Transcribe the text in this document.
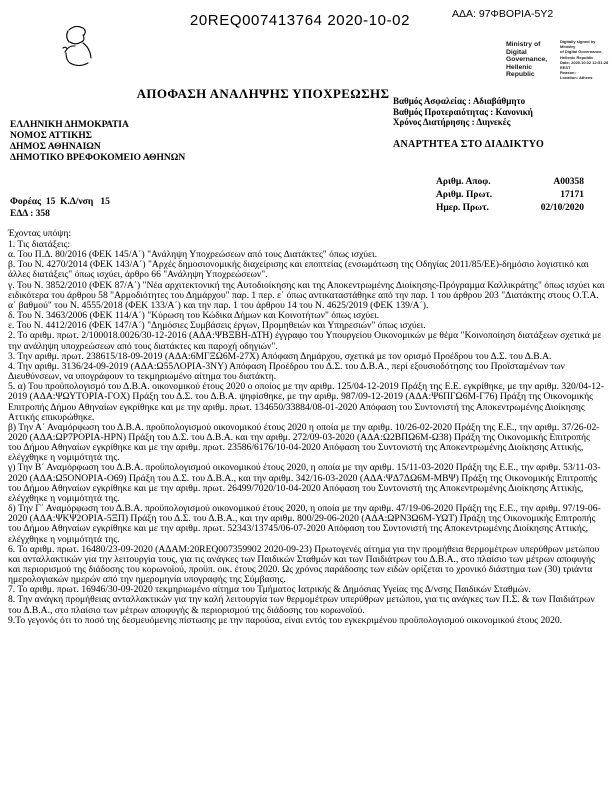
20REQ007413764 2020-10-02	ΑΔΑ: 97ΦΒΟΡΙΑ-5Υ2
Ministry of Digital
Governance,
Hellenic Republic
Digitally signed by Ministry
of Digital Governance,
Hellenic Republic
Date: 2020.10.02 12:51:28
EEST
Reason:
Location: Athens
ΑΠΟΦΑΣΗ ΑΝΑΛΗΨΗΣ ΥΠΟΧΡΕΩΣΗΣ Βαθμός Ασφαλείας : Αδιαβάθμητο
Βαθμός Προτεραιότητας : Κανονική
Χρόνος Διατήρησης : Διηνεκές
ΑΝΑΡΤΗΤΕΑ ΣΤΟ ΔΙΑΔΙΚΤΥΟ
ΕΛΛΗΝΙΚΗ ΔΗΜΟΚΡΑΤΙΑ
ΝΟΜΟΣ ΑΤΤΙΚΗΣ
ΔΗΜΟΣ ΑΘΗΝΑΙΩΝ
ΔΗΜΟΤΙΚΟ ΒΡΕΦΟΚΟΜΕΙΟ ΑΘΗΝΩΝ
Αριθμ. Αποφ.	A00358
Αριθμ. Πρωτ.	17171
Ημερ. Πρωτ.	02/10/2020
Φορέας  15  Κ.Δ/νση   15
ΕΔΔ : 358
Έχοντας υπόψη:

1. Τις διατάξεις:

α. Του Π.Δ. 80/2016 (ΦΕΚ 145/Α΄) "Ανάληψη Υποχρεώσεων από τους Διατάκτες" όπως ισχύει.

β. Του Ν. 4270/2014 (ΦΕΚ 143/Α΄) "Αρχές δημοσιονομικής διαχείρισης και εποπτείας (ενσωμάτωση της Οδηγίας 2011/85/ΕΕ)-δημόσιο λογιστικό και άλλες διατάξεις" όπως ισχύει, άρθρο 66 "Ανάληψη Υποχρεώσεων".

γ. Του Ν. 3852/2010 (ΦΕΚ 87/Α΄) "Νέα αρχιτεκτονική της Αυτοδιοίκησης και της Αποκεντρωμένης Διοίκησης-Πρόγραμμα Καλλικράτης" όπως ισχύει και ειδικότερα του άρθρου 58 "Αρμοδιότητες του Δημάρχου" παρ. 1 περ. ε΄ όπως αντικαταστάθηκε από την παρ. 1 του άρθρου 203 "Διατάκτης στους Ο.Τ.Α. α΄ βαθμού" του Ν. 4555/2018 (ΦΕΚ 133/Α΄) και την παρ. 1 του άρθρου 14 του Ν. 4625/2019 (ΦΕΚ 139/Α΄).

δ. Του Ν. 3463/2006 (ΦΕΚ 114/Α΄) "Κύρωση του Κώδικα Δήμων και Κοινοτήτων" όπως ισχύει.

ε. Του Ν. 4412/2016 (ΦΕΚ 147/Α΄) "Δημόσιες Συμβάσεις έργων, Προμηθειών και Υπηρεσιών" όπως ισχύει.

2. Το αριθμ. πρωτ. 2/100018.0026/30-12-2016 (ΑΔΑ:ΨΒΞΒΗ-ΔΤΗ) έγγραφο του Υπουργείου Οικονομικών με θέμα "Κοινοποίηση διατάξεων σχετικά με την ανάληψη υποχρεώσεων από τους διατάκτες και παροχή οδηγιών".

3. Την αριθμ. πρωτ. 238615/18-09-2019 (ΑΔΑ:6ΜΓΞΩ6Μ-27Χ) Απόφαση Δημάρχου, σχετικά με τον ορισμό Προέδρου του Δ.Σ. του Δ.Β.Α.

4. Την αριθμ. 3136/24-09-2019 (ΑΔΑ:Ω55ΛΟΡΙΑ-3ΝΥ) Απόφαση Προέδρου του Δ.Σ. του Δ.Β.Α., περί εξουσιοδότησης του Προϊσταμένων των Διευθύνσεων, να υπογράφουν το τεκμηριωμένο αίτημα του διατάκτη.

5. α) Του προϋπολογισμό του Δ.Β.Α. οικονομικού έτους 2020 ο οποίος με την αριθμ. 125/04-12-2019 Πράξη της Ε.Ε. εγκρίθηκε, με την αριθμ. 320/04-12-2019 (ΑΔΑ:ΨΩΥΤΟΡΙΑ-ΓΟΧ) Πράξη του Δ.Σ. του Δ.Β.Α. ψηφίσθηκε, με την αριθμ. 987/09-12-2019 (ΑΔΑ:Ψ6ΠΓΩ6Μ-Γ76) Πράξη της Οικονομικής Επιτροπής Δήμου Αθηναίων εγκρίθηκε και με την αριθμ. πρωτ. 134650/33884/08-01-2020 Απόφαση του Συντονιστή της Αποκεντρωμένης Διοίκησης Αττικής επικυρώθηκε.

β) Την Α΄ Αναμόρφωση του Δ.Β.Α. προϋπολογισμού οικονομικού έτους 2020 η οποία με την αριθμ. 10/26-02-2020 Πράξη της Ε.Ε., την αριθμ. 37/26-02-2020 (ΑΔΑ:ΩΡ7ΡΟΡΙΑ-ΗΡΝ) Πράξη του Δ.Σ. του Δ.Β.Α. και την αριθμ. 272/09-03-2020 (ΑΔΑ:Ω2ΒΠΩ6Μ-Ω38) Πράξη της Οικονομικής Επιτροπής του Δήμου Αθηναίων εγκρίθηκε και με την αριθμ. πρωτ. 23586/6176/10-04-2020 Απόφαση του Συντονιστή της Αποκεντρωμένης Διοίκησης Αττικής, ελέγχθηκε η νομιμότητά της.

γ) Την Β΄ Αναμόρφωση του Δ.Β.Α. προϋπολογισμού οικονομικού έτους 2020, η οποία με την αριθμ. 15/11-03-2020 Πράξη της Ε.Ε., την αριθμ. 53/11-03-2020 (ΑΔΑ:Ω5ΟΝΟΡΙΑ-Ο69) Πράξη του Δ.Σ. του Δ.Β.Α., και την αριθμ. 342/16-03-2020 (ΑΔΑ:ΨΔ7ΔΩ6Μ-ΜΒΨ) Πράξη της Οικονομικής Επιτροπής του Δήμου Αθηναίων εγκρίθηκε και με την αριθμ. πρωτ. 26499/7020/10-04-2020 Απόφαση του Συντονιστή της Αποκεντρωμένης Διοίκησης Αττικής, ελέγχθηκε η νομιμότητά της.

δ) Την Γ΄ Αναμόρφωση του Δ.Β.Α. προϋπολογισμού οικονομικού έτους 2020, η οποία με την αριθμ. 47/19-06-2020 Πράξη της Ε.Ε., την αριθμ. 97/19-06-2020 (ΑΔΑ:ΨΚΨ2ΟΡΙΑ-5ΞΠ) Πράξη του Δ.Σ. του Δ.Β.Α., και την αριθμ. 800/29-06-2020 (ΑΔΑ:ΩΡΝ3Ω6Μ-ΥΩΤ) Πράξη της Οικονομικής Επιτροπής του Δήμου Αθηναίων εγκρίθηκε και με την αριθμ. πρωτ. 52343/13745/06-07-2020 Απόφαση του Συντονιστή της Αποκεντρωμένης Διοίκησης Αττικής, ελέγχθηκε η νομιμότητά της.

6. Το αριθμ. πρωτ. 16480/23-09-2020 (ΑΔΑΜ:20REQ007359902 2020-09-23) Πρωτογενές αίτημα για την προμήθεια θερμομέτρων υπερύθρων μετώπου και ανταλλακτικών για την λειτουργία τους, για τις ανάγκες των Παιδικών Σταθμών και των Παιδιάτρων του Δ.Β.Α., στο πλαίσιο των μέτρων αποφυγής και περιορισμού της διάδοσης του κορωνοϊού, προϋπ. οικ. έτους 2020. Ως χρόνος παράδοσης των ειδών ορίζεται το χρονικό διάστημα των (30) τριάντα ημερολογιακών ημερών από την ημερομηνία υπογραφής της Σύμβασης.

7. Το αριθμ. πρωτ. 16946/30-09-2020 τεκμηριωμένο αίτημα του Τμήματος Ιατρικής & Δημόσιας Υγείας της Δ/νσης Παιδικών Σταθμών.

8. Την ανάγκη προμήθειας ανταλλακτικών για την καλή λειτουργία των θερμομέτρων υπερύθρων μετώπου, για τις ανάγκες των Π.Σ. & των Παιδιάτρων του Δ.Β.Α., στο πλαίσιο των μέτρων αποφυγής & περιορισμού της διάδοσης του κορωνοϊού.

9.Το γεγονός ότι το ποσό της δεσμευόμενης πίστωσης με την παρούσα, είναι εντός του εγκεκριμένου προϋπολογισμού οικονομικού έτους 2020.
